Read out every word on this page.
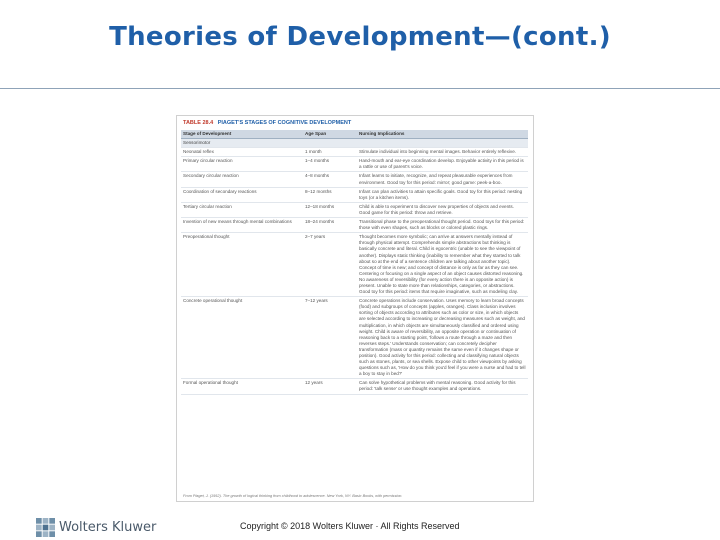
Theories of Development—(cont.)
TABLE 28.4 PIAGET'S STAGES OF COGNITIVE DEVELOPMENT
Stage of Development	Age Span	Nursing Implications
Sensorimotor		
Neonatal reflex	1 month	Stimulate individual into beginning mental images. Behavior entirely reflexive.
Primary circular reaction	1–4 months	Hand-mouth and ear-eye coordination develop. Enjoyable activity in this period is a rattle or use of parent's voice.
Secondary circular reaction	4–8 months	Infant learns to initiate, recognize, and repeat pleasurable experiences from environment. Good toy for this period: mirror; good game: peek-a-boo.
Coordination of secondary reactions	8–12 months	Infant can plan activities to attain specific goals. Good toy for this period: nesting toys (or a kitchen items).
Tertiary circular reaction	12–18 months	Child is able to experiment to discover new properties of objects and events. Good game for this period: throw and retrieve.
Invention of new means through mental combinations	18–24 months	Transitional phase to the preoperational thought period. Good toys for this period: those with even shapes, such as blocks or colored plastic rings.
Preoperational thought	2–7 years	Thought becomes more symbolic; can arrive at answers mentally instead of through physical attempt. Comprehends simple abstractions but thinking is basically concrete and literal. Child is egocentric (unable to see the viewpoint of another). Displays static thinking (inability to remember what they started to talk about so at the end of a sentence children are talking about another topic). Concept of time is new; and concept of distance is only as far as they can see. Centering or focusing on a single aspect of an object causes distorted reasoning. No awareness of reversibility (for every action there is an opposite action) is present. Unable to state more than relationships, categories, or abstractions. Good toy for this period: items that require imaginative, such as modeling clay.
Concrete operational thought	7–12 years	Concrete operations include conservation. Uses memory to learn broad concepts (food) and subgroups of concepts (apples, oranges). Class inclusion involves sorting of objects according to attributes such as color or size, in which objects are selected according to increasing or decreasing measures such as weight, and multiplication, in which objects are simultaneously classified and ordered using weight. Child is aware of reversibility, an opposite operation or continuation of reasoning back to a starting point, 'follows a route through a maze and then reverses steps.' Understands conservation; can concretely decipher transformation (mass or quantity remains the same even if it changes shape or position). Good activity for this period: collecting and classifying natural objects such as stones, plants, or sea shells. Expose child to other viewpoints by asking questions such as, 'How do you think you'd feel if you were a nurse and had to tell a boy to stay in bed?'
Formal operational thought	12 years	Can solve hypothetical problems with mental reasoning. Good activity for this period: 'talk sense' or use thought examples and operations.
From Piaget, J. (1952). The growth of logical thinking from childhood to adolescence. New York, NY: Basic Books, with permission.
Wolters Kluwer	Copyright © 2018 Wolters Kluwer · All Rights Reserved
